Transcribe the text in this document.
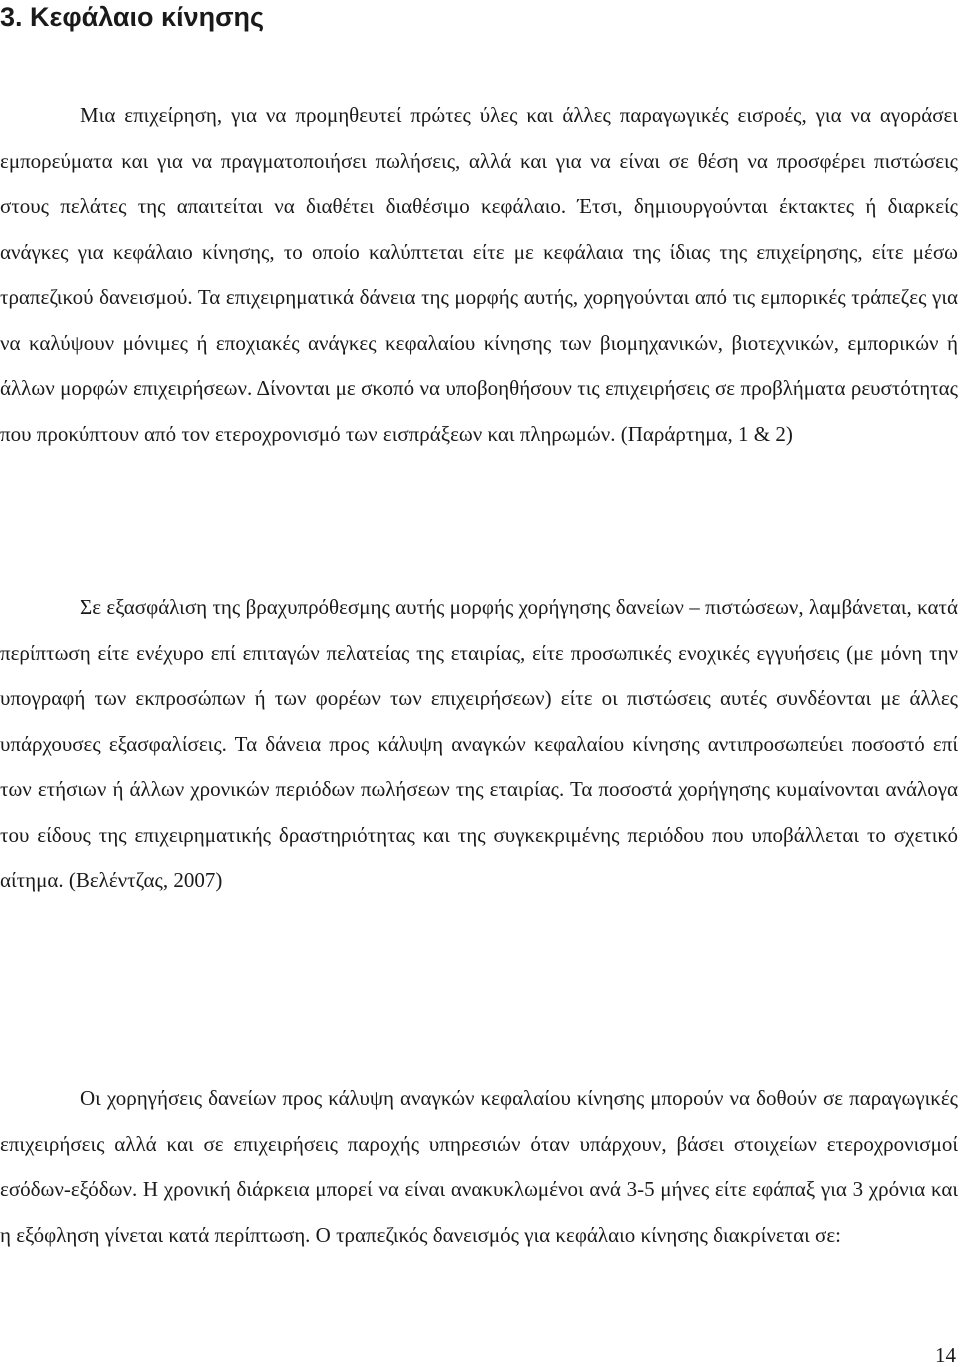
3. Κεφάλαιο κίνησης

Μια επιχείρηση, για να προμηθευτεί πρώτες ύλες και άλλες παραγωγικές εισροές, για να αγοράσει εμπορεύματα και για να πραγματοποιήσει πωλήσεις, αλλά και για να είναι σε θέση να προσφέρει πιστώσεις στους πελάτες της απαιτείται να διαθέτει διαθέσιμο κεφάλαιο. Έτσι, δημιουργούνται έκτακτες ή διαρκείς ανάγκες για κεφάλαιο κίνησης, το οποίο καλύπτεται είτε με κεφάλαια της ίδιας της επιχείρησης, είτε μέσω τραπεζικού δανεισμού. Τα επιχειρηματικά δάνεια της μορφής αυτής, χορηγούνται από τις εμπορικές τράπεζες για να καλύψουν μόνιμες ή εποχιακές ανάγκες κεφαλαίου κίνησης των βιομηχανικών, βιοτεχνικών, εμπορικών ή άλλων μορφών επιχειρήσεων. Δίνονται με σκοπό να υποβοηθήσουν τις επιχειρήσεις σε προβλήματα ρευστότητας που προκύπτουν από τον ετεροχρονισμό των εισπράξεων και πληρωμών. (Παράρτημα, 1 & 2)

Σε εξασφάλιση της βραχυπρόθεσμης αυτής μορφής χορήγησης δανείων – πιστώσεων, λαμβάνεται, κατά περίπτωση είτε ενέχυρο επί επιταγών πελατείας της εταιρίας, είτε προσωπικές ενοχικές εγγυήσεις (με μόνη την υπογραφή των εκπροσώπων ή των φορέων των επιχειρήσεων) είτε οι πιστώσεις αυτές συνδέονται με άλλες υπάρχουσες εξασφαλίσεις. Τα δάνεια προς κάλυψη αναγκών κεφαλαίου κίνησης αντιπροσωπεύει ποσοστό επί των ετήσιων ή άλλων χρονικών περιόδων πωλήσεων της εταιρίας. Τα ποσοστά χορήγησης κυμαίνονται ανάλογα του είδους της επιχειρηματικής δραστηριότητας και της συγκεκριμένης περιόδου που υποβάλλεται το σχετικό αίτημα. (Βελέντζας, 2007)

Οι χορηγήσεις δανείων προς κάλυψη αναγκών κεφαλαίου κίνησης μπορούν να δοθούν σε παραγωγικές επιχειρήσεις αλλά και σε επιχειρήσεις παροχής υπηρεσιών όταν υπάρχουν, βάσει στοιχείων ετεροχρονισμοί εσόδων-εξόδων. Η χρονική διάρκεια μπορεί να είναι ανακυκλωμένοι ανά 3-5 μήνες είτε εφάπαξ για 3 χρόνια και η εξόφληση γίνεται κατά περίπτωση. Ο τραπεζικός δανεισμός για κεφάλαιο κίνησης διακρίνεται σε:

14
